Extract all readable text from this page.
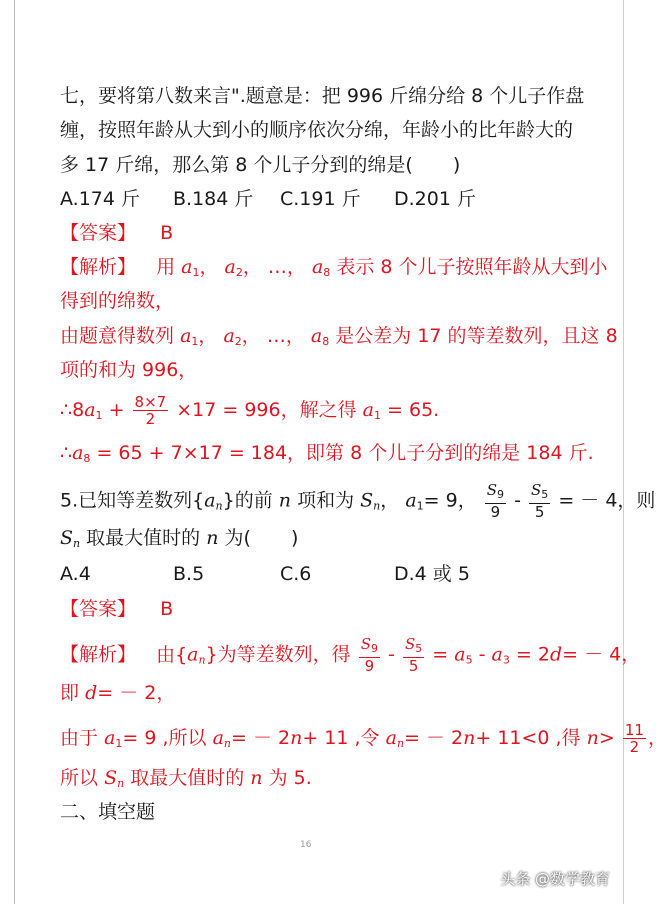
七，要将第八数来言".题意是：把 996 斤绵分给 8 个儿子作盘
缠，按照年龄从大到小的顺序依次分绵，年龄小的比年龄大的
多 17 斤绵，那么第 8 个儿子分到的绵是( )
A.174 斤 B.184 斤 C.191 斤 D.201 斤
【答案】 B
【解析】 用 $a_1$， $a_2$， …， $a_8$ 表示 8 个儿子按照年龄从大到小
得到的绵数，
由题意得数列 $a_1$， $a_2$， …， $a_8$ 是公差为 17 的等差数列，且这 8
项的和为 996，
$\therefore 8a_1 + \frac{8\times 7}{2} \times 17 = 996$，解之得 $a_1 = 65$.
$\therefore a_8 = 65 + 7\times 17 = 184$，即第 8 个儿子分到的绵是 184 斤.
5.已知等差数列$\{a_n\}$的前 n 项和为 $S_n$， $a_1= 9$， $\frac{S_9}{9} - \frac{S_5}{5}$ = － 4，则
$S_n$ 取最大值时的 n 为( )
A.4	B.5	C.6	D.4 或 5
【答案】 B
【解析】 由$\{a_n\}$为等差数列，得 $\frac{S_9}{9} - \frac{S_5}{5} = a_5 - a_3 = 2d= - 4$，
即 d= － 2，
由于 $a_1= 9$ ,所以 $a_n= - 2n+ 11$ ,令 $a_n= - 2n+ 11<0$ ,得 $n> \frac{11}{2}$ ，
所以 $S_n$ 取最大值时的 n 为 5.
二、填空题
16
头条 @数学教育
